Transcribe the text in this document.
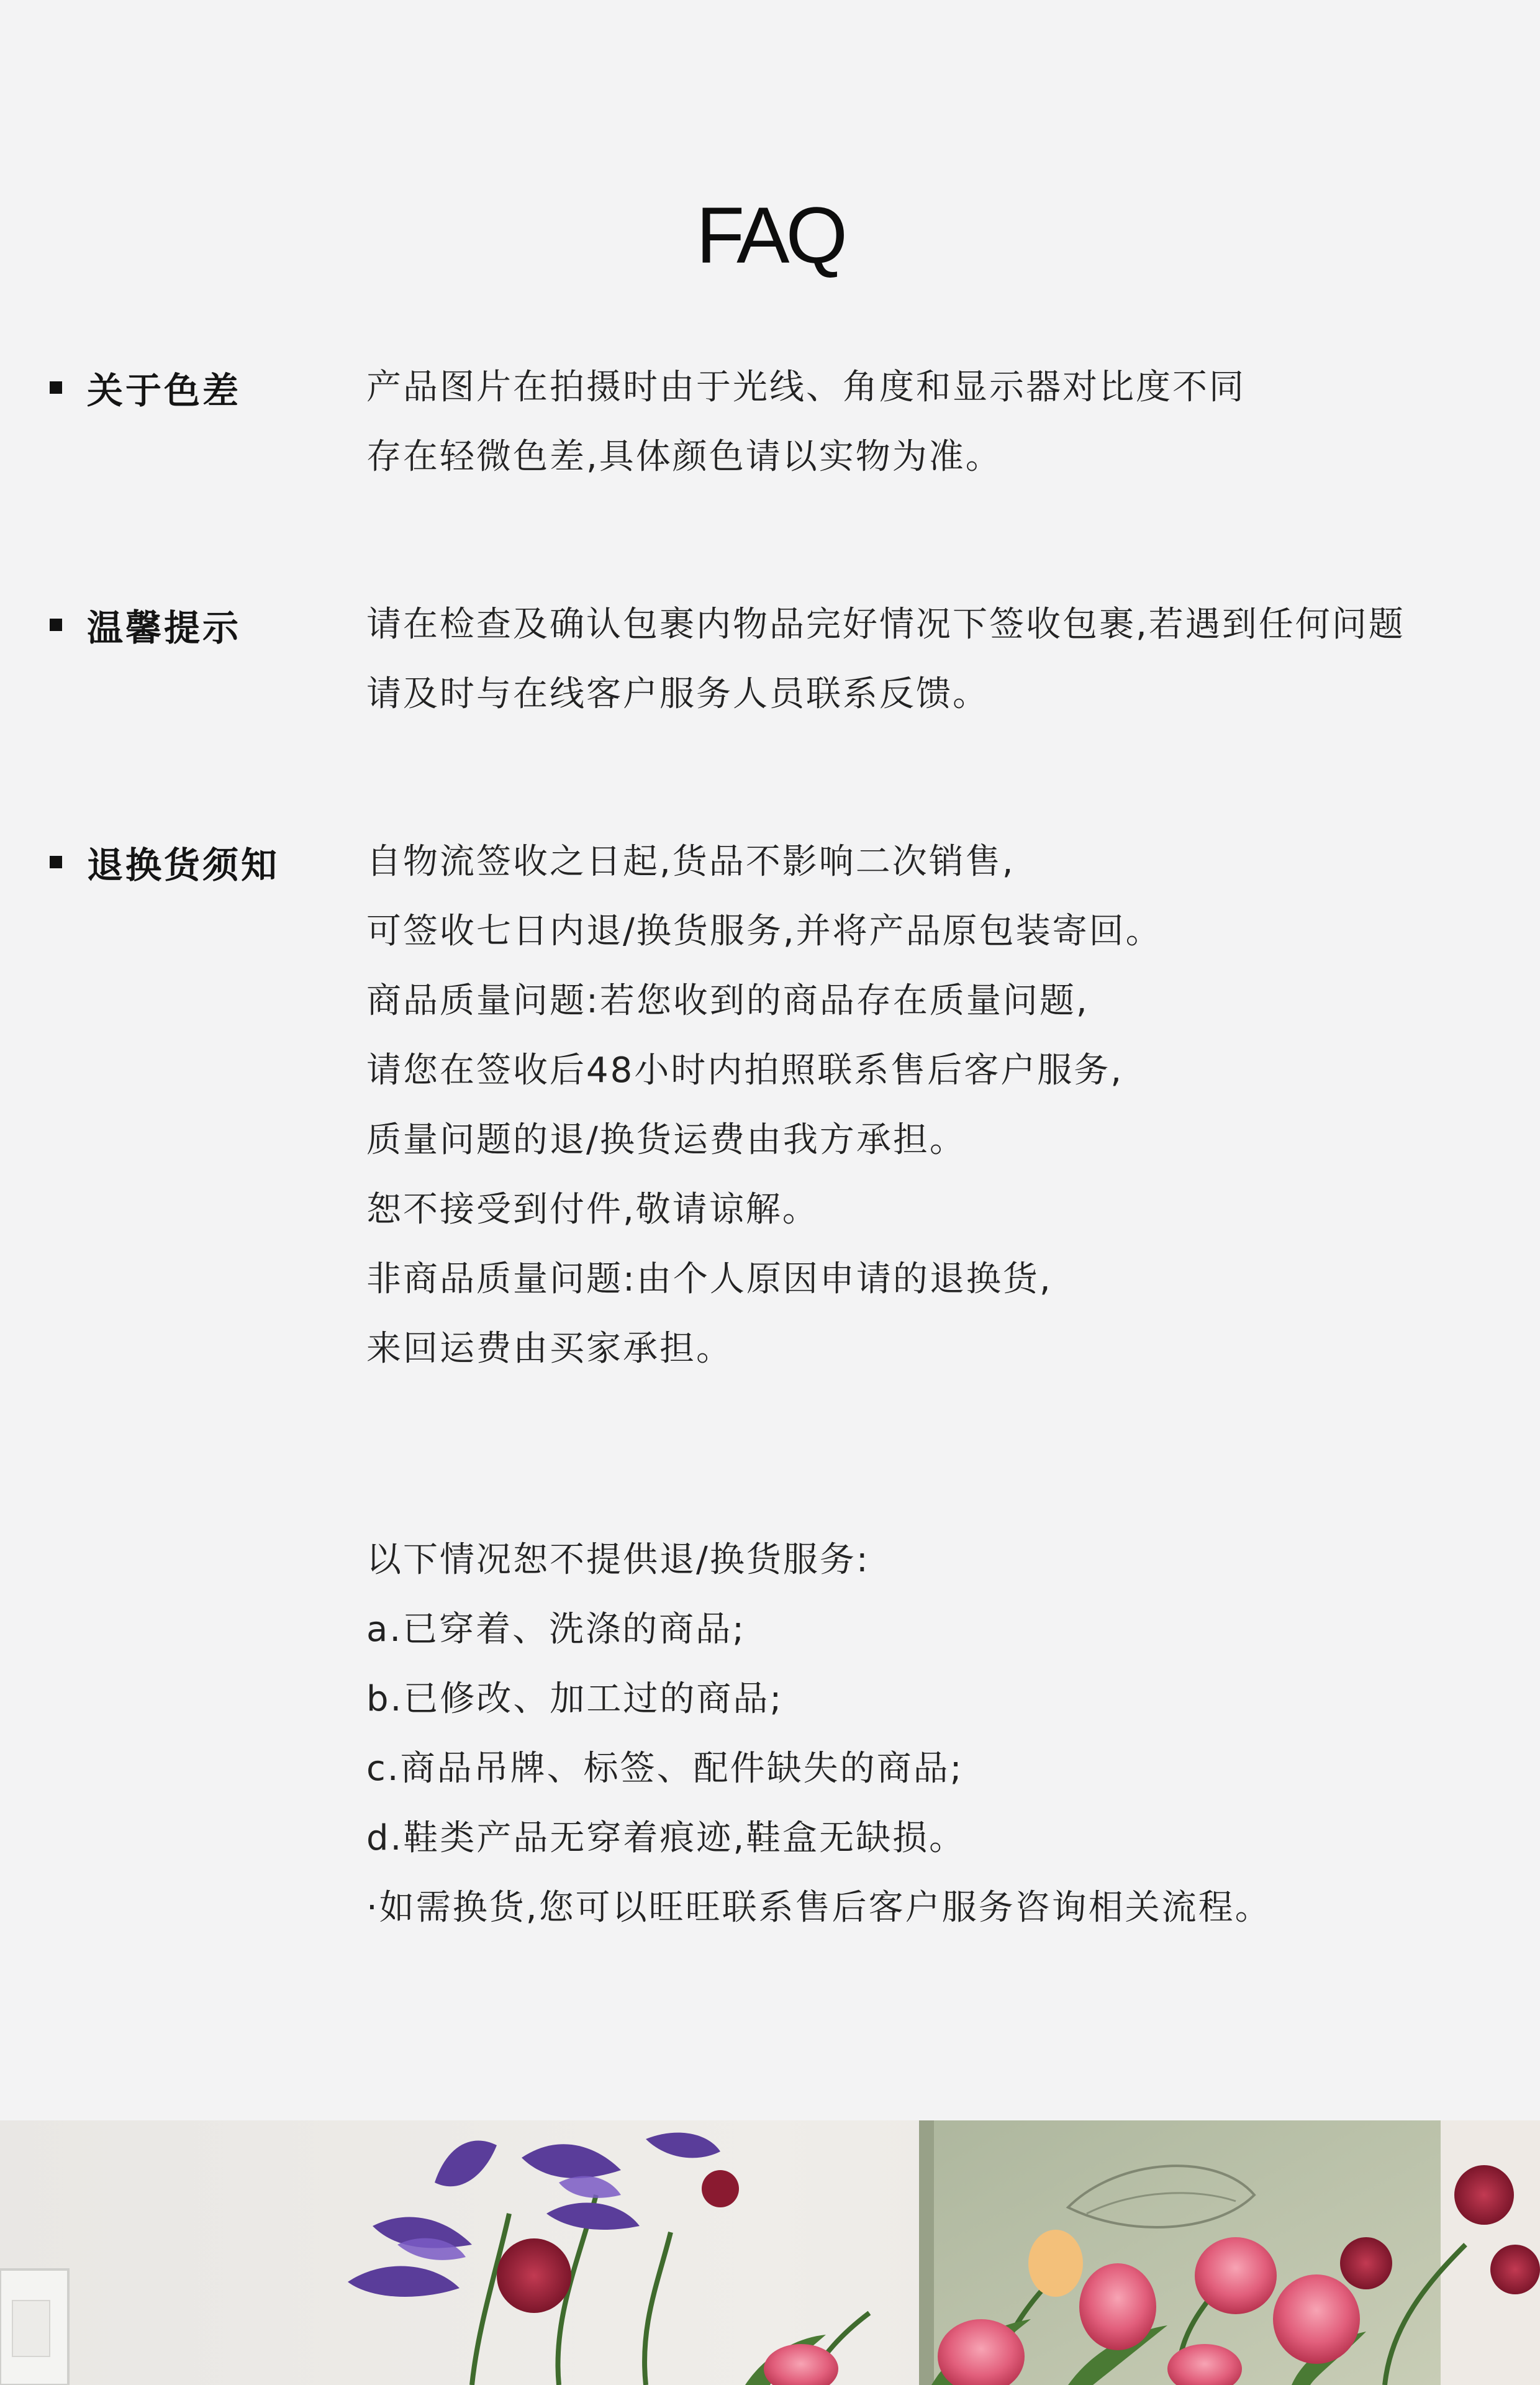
FAQ
关于色差	产品图片在拍摄时由于光线、角度和显示器对比度不同
存在轻微色差,具体颜色请以实物为准。
温馨提示	请在检查及确认包裹内物品完好情况下签收包裹,若遇到任何问题
请及时与在线客户服务人员联系反馈。
退换货须知 自物流签收之日起,货品不影响二次销售,
可签收七日内退/换货服务,并将产品原包装寄回。
商品质量问题:若您收到的商品存在质量问题,
请您在签收后48小时内拍照联系售后客户服务,
质量问题的退/换货运费由我方承担。
恕不接受到付件,敬请谅解。
非商品质量问题:由个人原因申请的退换货,
来回运费由买家承担。
以下情况恕不提供退/换货服务:
a.已穿着、洗涤的商品;
b.已修改、加工过的商品;
c.商品吊牌、标签、配件缺失的商品;
d.鞋类产品无穿着痕迹,鞋盒无缺损。
·如需换货,您可以旺旺联系售后客户服务咨询相关流程。
